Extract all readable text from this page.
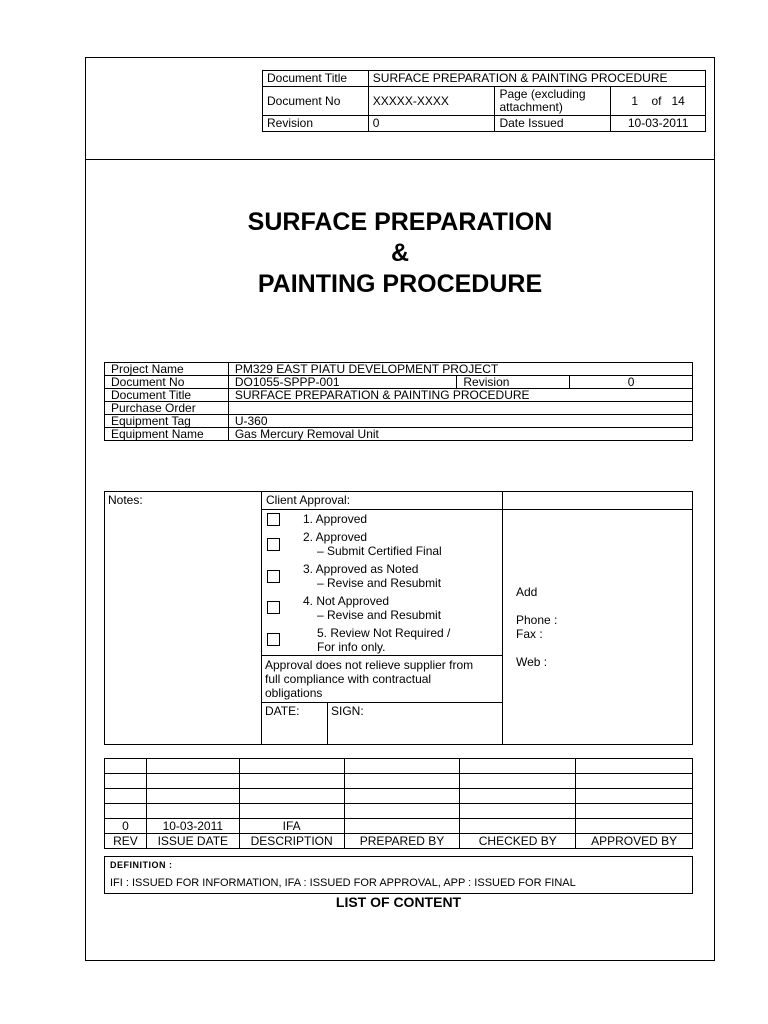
Document Title	SURFACE PREPARATION & PAINTING PROCEDURE		
Document No	XXXXX-XXXX	Page (excluding attachment)	1 of 14
Revision	0	Date Issued	10-03-2011
SURFACE PREPARATION
&
PAINTING PROCEDURE
Project Name	PM329 EAST PIATU DEVELOPMENT PROJECT		
Document No	DO1055-SPPP-001	Revision	0
Document Title	SURFACE PREPARATION & PAINTING PROCEDURE		
Purchase Order			
Equipment Tag	U-360		
Equipment Name	Gas Mercury Removal Unit		
Notes:	Client Approval:
1. Approved
2. Approved
– Submit Certified Final
3. Approved as Noted
– Revise and Resubmit
4. Not Approved
– Revise and Resubmit
5. Review Not Required /
For info only.
Approval does not relieve supplier from
full compliance with contractual
obligations
DATE:	SIGN:
Add
Phone :
Fax :
Web :

0	10-03-2011	IFA			
REV	ISSUE DATE	DESCRIPTION	PREPARED BY	CHECKED BY	APPROVED BY
DEFINITION :
IFI : ISSUED FOR INFORMATION, IFA : ISSUED FOR APPROVAL, APP : ISSUED FOR FINAL
LIST OF CONTENT
